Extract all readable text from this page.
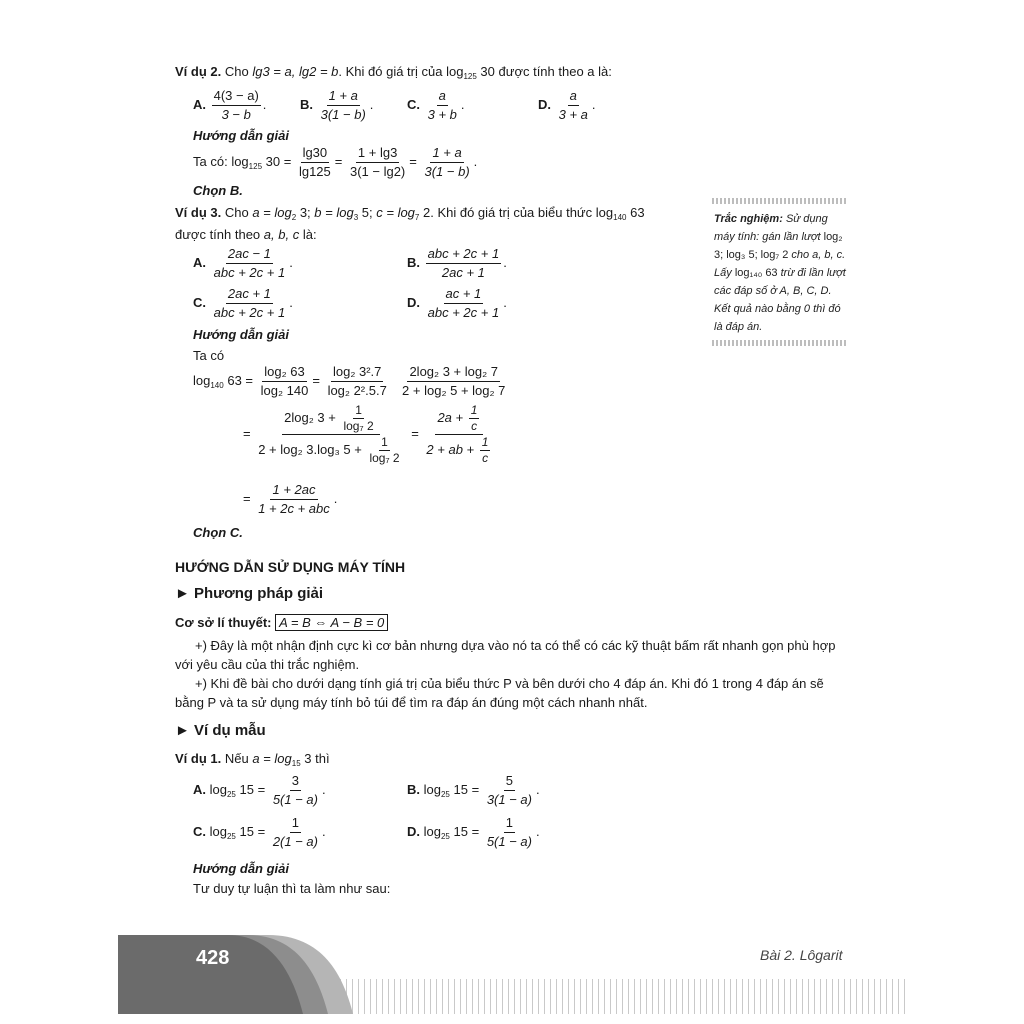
Ví dụ 2. Cho lg3 = a, lg2 = b. Khi đó giá trị của $\log_{125} 30$ được tính theo a là:
A. $\frac{4(3 - a)}{3 - b}$ .	B. $\frac{1 + a}{3(1 - b)}$ .	C. $\frac{a}{3 + b}$ .	D. $\frac{a}{3 + a}$ .
Hướng dẫn giải
Ta có: $\log_{125} 30 = \frac{\lg 30}{\lg 125} = \frac{1 + \lg 3}{3(1 - \lg 2)} = \frac{1 + a}{3(1 - b)}$ .
Chọn B.
Ví dụ 3. Cho $a = \log_2 3$; $b = \log_3 5$; $c = \log_7 2$. Khi đó giá trị của biểu thức $\log_{140} 63$
được tính theo a, b, c là:
A. $\frac{2ac - 1}{\text{abc + 2c + 1}}$ .	B. $\frac{\text{abc + 2c + 1}}{2ac + 1}$ .
C. $\frac{2ac + 1}{\text{abc + 2c + 1}}$ .	D. $\frac{ac + 1}{\text{abc + 2c + 1}}$ .
Hướng dẫn giải
Ta có
$\log_{140} 63 = \frac{\text{log₂ 63}}{\text{log₂ 140}} = \frac{\text{log₂ 3².7}}{\text{log₂ 2².5.7}}$
$\frac{\text{2log₂ 3 + log₂ 7}}{\text{2 + log₂ 5 + log₂ 7}}$
= $\frac{2\log_2 3 + \frac{1}{\text{log₇ 2}}}{2 + \log_2 3.\log_3 5 + \frac{1}{\text{log₇ 2}}} = \frac{2a + \frac{1}{c}}{2 + ab + \frac{1}{c}}$
= $\frac{1 + 2ac}{\text{1 + 2c + abc}}$ .
Chọn C.
Trắc nghiệm: Sử dụng máy tính: gán lần lượt log₂ 3; log₃ 5; log₇ 2 cho a, b, c. Lấy log₁₄₀ 63 trừ đi lần lượt các đáp số ở A, B, C, D. Kết quả nào bằng 0 thì đó là đáp án.
HƯỚNG DẪN SỬ DỤNG MÁY TÍNH
► Phương pháp giải
Cơ sở lí thuyết: A = B ⇔ A − B = 0
+) Đây là một nhận định cực kì cơ bản nhưng dựa vào nó ta có thể có các kỹ thuật bấm rất nhanh gọn phù hợp với yêu cầu của thi trắc nghiệm.
+) Khi đề bài cho dưới dạng tính giá trị của biểu thức P và bên dưới cho 4 đáp án. Khi đó 1 trong 4 đáp án sẽ bằng P và ta sử dụng máy tính bỏ túi để tìm ra đáp án đúng một cách nhanh nhất.
► Ví dụ mẫu
Ví dụ 1. Nếu $a = \log_{15} 3$ thì
A. $\log_{25} 15 = \frac{3}{5(1 - a)}$ .	B. $\log_{25} 15 = \frac{5}{3(1 - a)}$ .
C. $\log_{25} 15 = \frac{1}{2(1 - a)}$ .	D. $\log_{25} 15 = \frac{1}{5(1 - a)}$ .
Hướng dẫn giải
Tư duy tự luận thì ta làm như sau:
428	Bài 2. Lôgarit
